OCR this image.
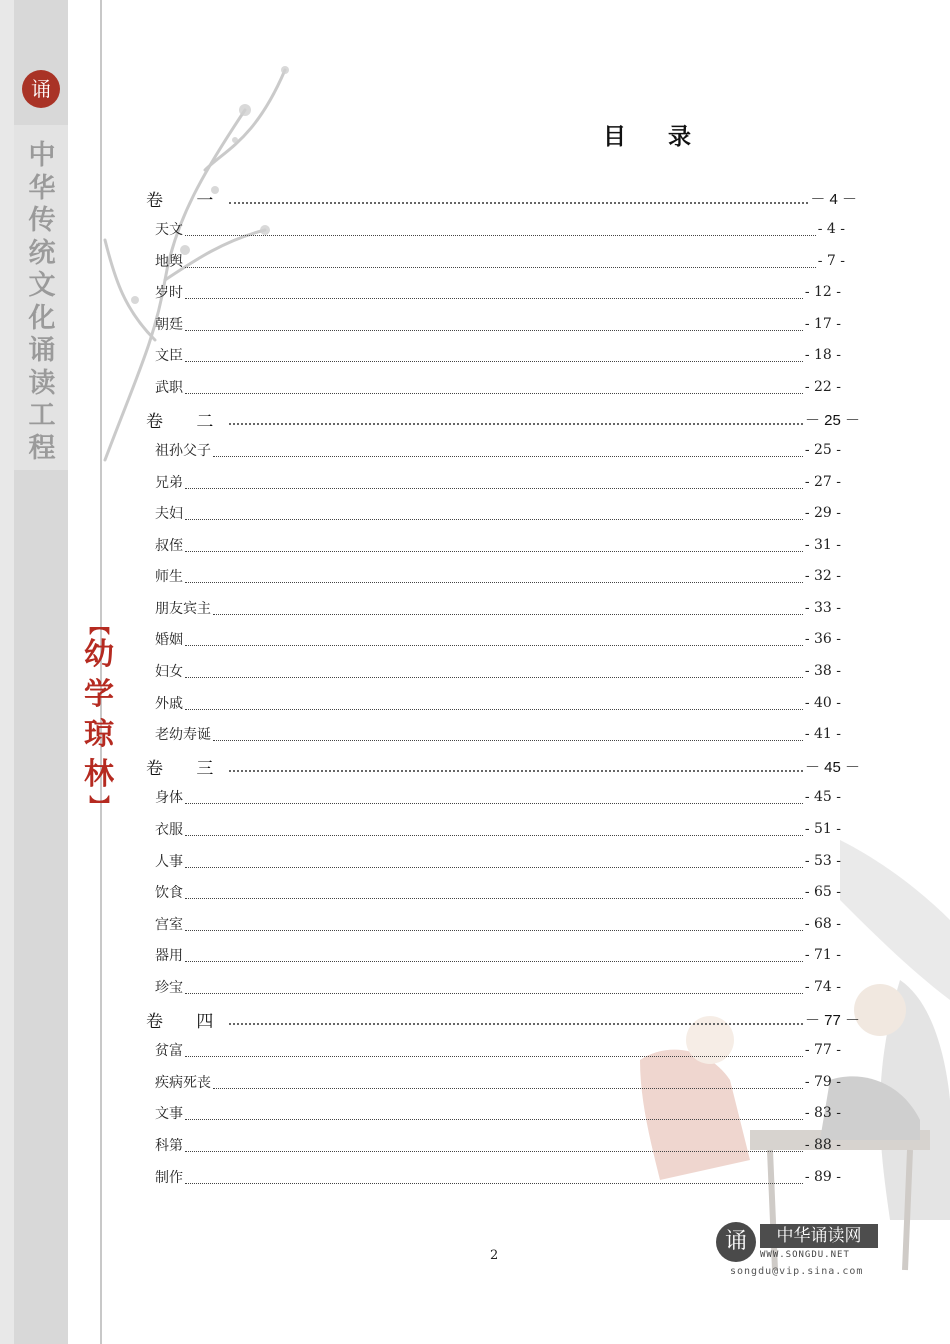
诵
中华传统文化诵读工程
【
幼学琼林
】
目录
卷 一	－ 4 －
天文	- 4 -
地舆	- 7 -
岁时	- 12 -
朝廷	- 17 -
文臣	- 18 -
武职	- 22 -
卷 二	－ 25 －
祖孙父子	- 25 -
兄弟	- 27 -
夫妇	- 29 -
叔侄	- 31 -
师生	- 32 -
朋友宾主	- 33 -
婚姻	- 36 -
妇女	- 38 -
外戚	- 40 -
老幼寿诞	- 41 -
卷 三	－ 45 －
身体	- 45 -
衣服	- 51 -
人事	- 53 -
饮食	- 65 -
宫室	- 68 -
器用	- 71 -
珍宝	- 74 -
卷 四	－ 77 －
贫富	- 77 -
疾病死丧	- 79 -
文事	- 83 -
科第	- 88 -
制作	- 89 -
2
诵	中华诵读网
WWW.SONGDU.NET
songdu@vip.sina.com
